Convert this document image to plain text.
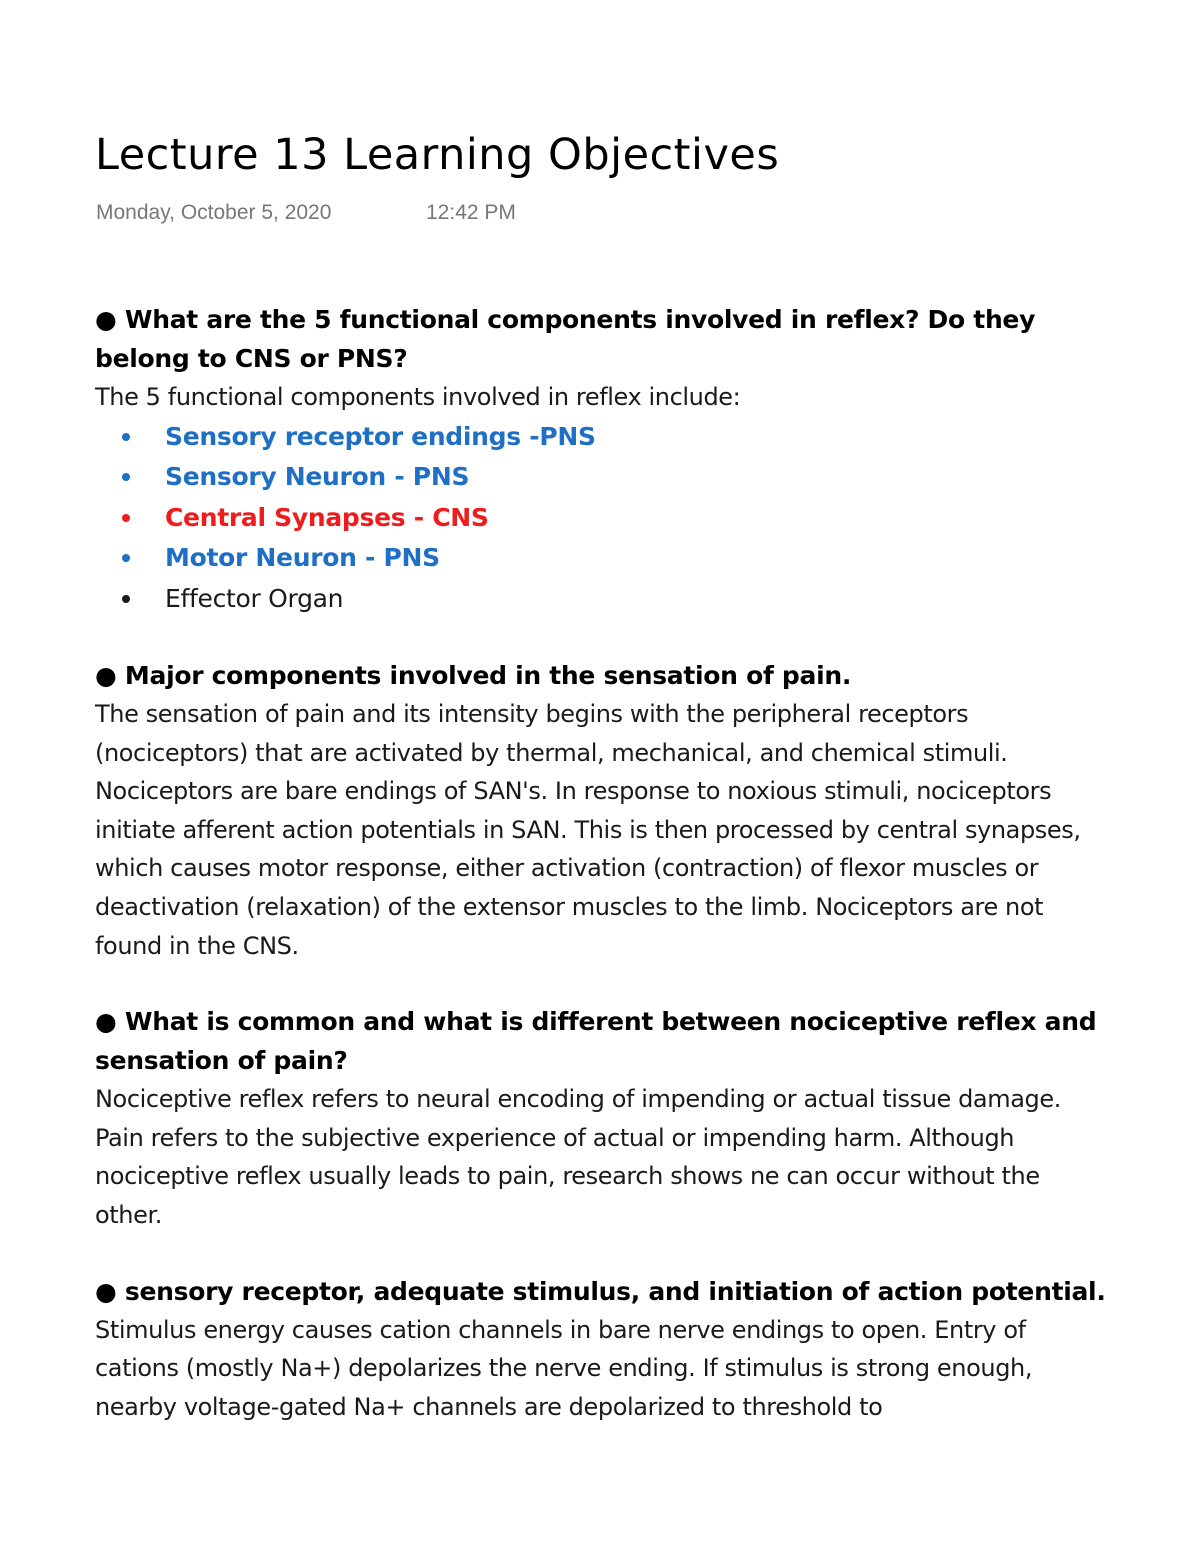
Lecture 13 Learning Objectives
Monday, October 5, 2020	12:42 PM

● What are the 5 functional components involved in reflex? Do they belong to CNS or PNS?

The 5 functional components involved in reflex include:

Sensory receptor endings -PNS
Sensory Neuron - PNS
Central Synapses - CNS
Motor Neuron - PNS
Effector Organ

● Major components involved in the sensation of pain.

The sensation of pain and its intensity begins with the peripheral receptors (nociceptors) that are activated by thermal, mechanical, and chemical stimuli. Nociceptors are bare endings of SAN's. In response to noxious stimuli, nociceptors initiate afferent action potentials in SAN. This is then processed by central synapses, which causes motor response, either activation (contraction) of flexor muscles or deactivation (relaxation) of the extensor muscles to the limb. Nociceptors are not found in the CNS.

● What is common and what is different between nociceptive reflex and sensation of pain?

Nociceptive reflex refers to neural encoding of impending or actual tissue damage. Pain refers to the subjective experience of actual or impending harm. Although nociceptive reflex usually leads to pain, research shows ne can occur without the other.

● sensory receptor, adequate stimulus, and initiation of action potential.

Stimulus energy causes cation channels in bare nerve endings to open. Entry of cations (mostly Na+) depolarizes the nerve ending. If stimulus is strong enough, nearby voltage-gated Na+ channels are depolarized to threshold to
